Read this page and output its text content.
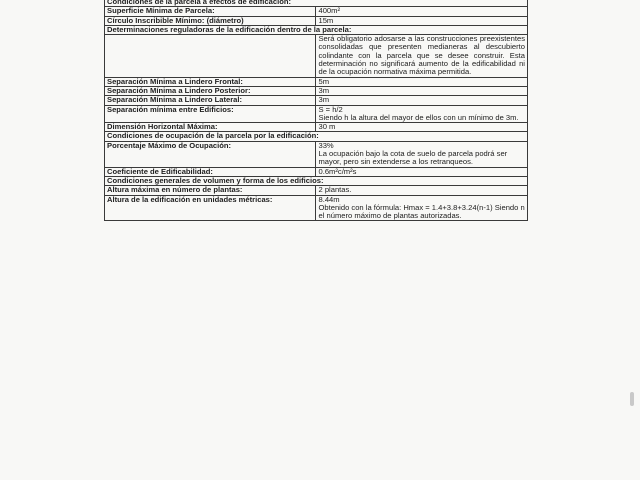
Condiciones de la parcela a efectos de edificación:	
Superficie Mínima de Parcela:	400m²
Círculo Inscribible Mínimo: (diámetro)	15m
Determinaciones reguladoras de la edificación dentro de la parcela:	
	Será obligatorio adosarse a las construcciones preexistentes consolidadas que presenten medianeras al descubierto colindante con la parcela que se desee construir. Esta determinación no significará aumento de la edificabilidad ni de la ocupación normativa máxima permitida.
Separación Mínima a Lindero Frontal:	5m
Separación Mínima a Lindero Posterior:	3m
Separación Mínima a Lindero Lateral:	3m
Separación mínima entre Edificios:	S = h/2
Siendo h la altura del mayor de ellos con un mínimo de 3m.
Dimensión Horizontal Máxima:	30 m
Condiciones de ocupación de la parcela por la edificación:	
Porcentaje Máximo de Ocupación:	33%
La ocupación bajo la cota de suelo de parcela podrá ser mayor, pero sin extenderse a los retranqueos.
Coeficiente de Edificabilidad:	0.6m²c/m²s
Condiciones generales de volumen y forma de los edificios:	
Altura máxima en número de plantas:	2 plantas.
Altura de la edificación en unidades métricas:	8.44m
Obtenido con la fórmula: Hmax = 1.4+3.8+3.24(n-1) Siendo n el número máximo de plantas autorizadas.
